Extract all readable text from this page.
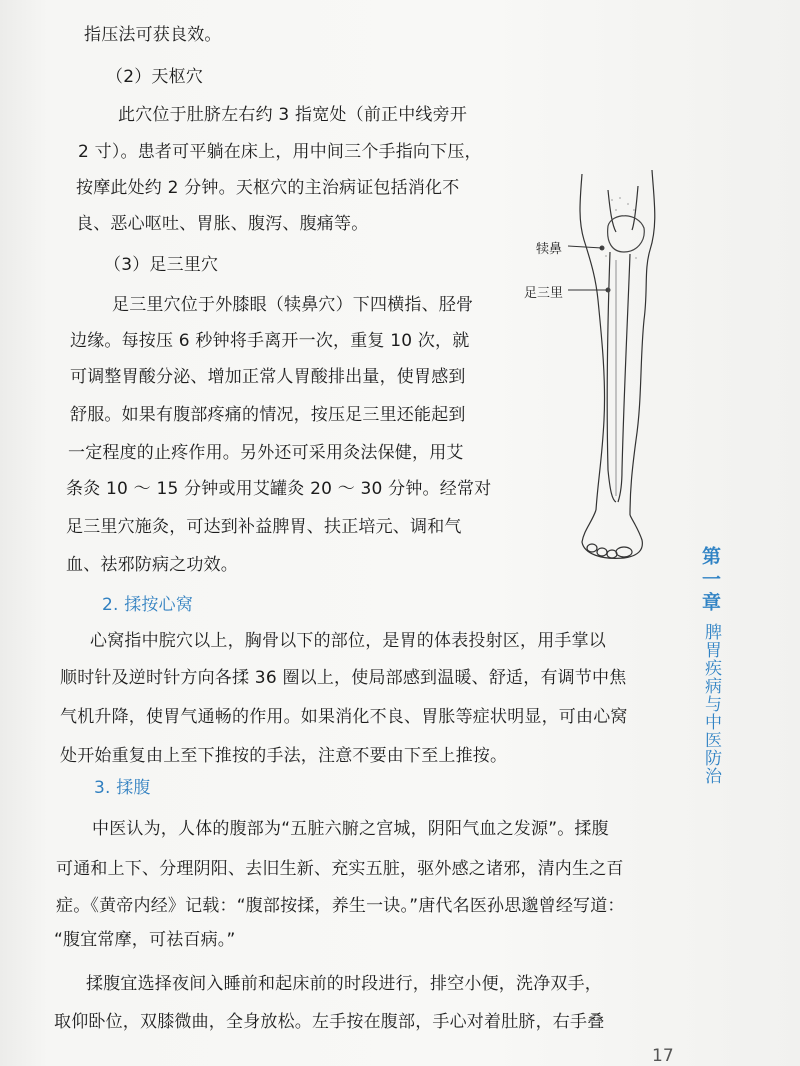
指压法可获良效。
（2）天枢穴
此穴位于肚脐左右约 3 指宽处（前正中线旁开
2 寸）。患者可平躺在床上，用中间三个手指向下压，
按摩此处约 2 分钟。天枢穴的主治病证包括消化不
良、恶心呕吐、胃胀、腹泻、腹痛等。
（3）足三里穴
足三里穴位于外膝眼（犊鼻穴）下四横指、胫骨
边缘。每按压 6 秒钟将手离开一次，重复 10 次，就
可调整胃酸分泌、增加正常人胃酸排出量，使胃感到
舒服。如果有腹部疼痛的情况，按压足三里还能起到
一定程度的止疼作用。另外还可采用灸法保健，用艾
条灸 10 ～ 15 分钟或用艾罐灸 20 ～ 30 分钟。经常对
足三里穴施灸，可达到补益脾胃、扶正培元、调和气
血、祛邪防病之功效。
2. 揉按心窝
心窝指中脘穴以上，胸骨以下的部位，是胃的体表投射区，用手掌以
顺时针及逆时针方向各揉 36 圈以上，使局部感到温暖、舒适，有调节中焦
气机升降，使胃气通畅的作用。如果消化不良、胃胀等症状明显，可由心窝
处开始重复由上至下推按的手法，注意不要由下至上推按。
3. 揉腹
中医认为，人体的腹部为“五脏六腑之宫城，阴阳气血之发源”。揉腹
可通和上下、分理阴阳、去旧生新、充实五脏，驱外感之诸邪，清内生之百
症。《黄帝内经》记载：“腹部按揉，养生一诀。”唐代名医孙思邈曾经写道：
“腹宜常摩，可祛百病。”
揉腹宜选择夜间入睡前和起床前的时段进行，排空小便，洗净双手，
取仰卧位，双膝微曲，全身放松。左手按在腹部，手心对着肚脐，右手叠
犊鼻
足三里
第一章
脾胃疾病与中医防治
17
